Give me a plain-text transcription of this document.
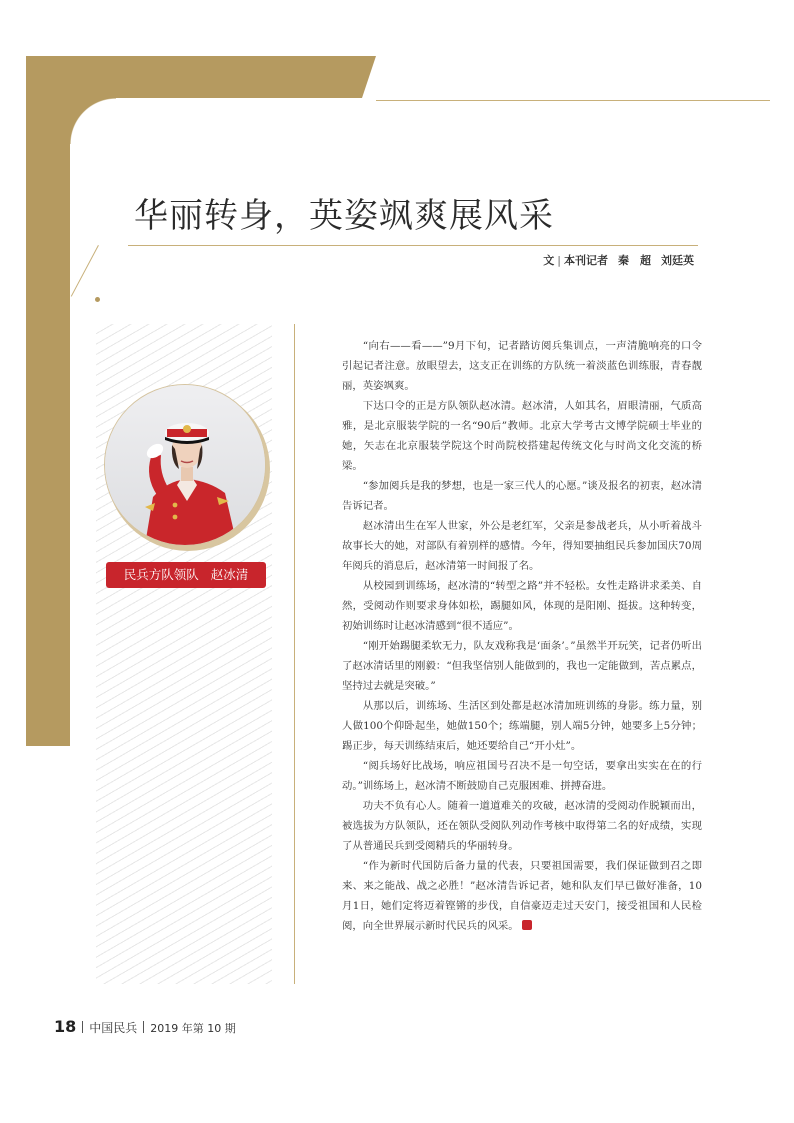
华丽转身，英姿飒爽展风采
文 | 本刊记者 秦　超 刘廷英
民兵方队领队 赵冰清

“向右——看——”9月下旬，记者踏访阅兵集训点，一声清脆响亮的口令引起记者注意。放眼望去，这支正在训练的方队统一着淡蓝色训练服，青春靓丽，英姿飒爽。

下达口令的正是方队领队赵冰清。赵冰清，人如其名，眉眼清丽，气质高雅，是北京服装学院的一名“90后”教师。北京大学考古文博学院硕士毕业的她，矢志在北京服装学院这个时尚院校搭建起传统文化与时尚文化交流的桥梁。

“参加阅兵是我的梦想，也是一家三代人的心愿。”谈及报名的初衷，赵冰清告诉记者。

赵冰清出生在军人世家，外公是老红军，父亲是参战老兵，从小听着战斗故事长大的她，对部队有着别样的感情。今年，得知要抽组民兵参加国庆70周年阅兵的消息后，赵冰清第一时间报了名。

从校园到训练场，赵冰清的“转型之路”并不轻松。女性走路讲求柔美、自然，受阅动作则要求身体如松，踢腿如风，体现的是阳刚、挺拔。这种转变，初始训练时让赵冰清感到“很不适应”。

“刚开始踢腿柔软无力，队友戏称我是‘面条’。”虽然半开玩笑，记者仍听出了赵冰清话里的刚毅：“但我坚信别人能做到的，我也一定能做到，苦点累点，坚持过去就是突破。”

从那以后，训练场、生活区到处都是赵冰清加班训练的身影。练力量，别人做100个仰卧起坐，她做150个；练端腿，别人端5分钟，她要多上5分钟；踢正步，每天训练结束后，她还要给自己“开小灶”。

“阅兵场好比战场，响应祖国号召决不是一句空话，要拿出实实在在的行动。”训练场上，赵冰清不断鼓励自己克服困难、拼搏奋进。

功夫不负有心人。随着一道道难关的攻破，赵冰清的受阅动作脱颖而出，被选拔为方队领队，还在领队受阅队列动作考核中取得第二名的好成绩，实现了从普通民兵到受阅精兵的华丽转身。

“作为新时代国防后备力量的代表，只要祖国需要，我们保证做到召之即来、来之能战、战之必胜！”赵冰清告诉记者，她和队友们早已做好准备，10月1日，她们定将迈着铿锵的步伐，自信豪迈走过天安门，接受祖国和人民检阅，向全世界展示新时代民兵的风采。

18 中国民兵 2019 年第 10 期
